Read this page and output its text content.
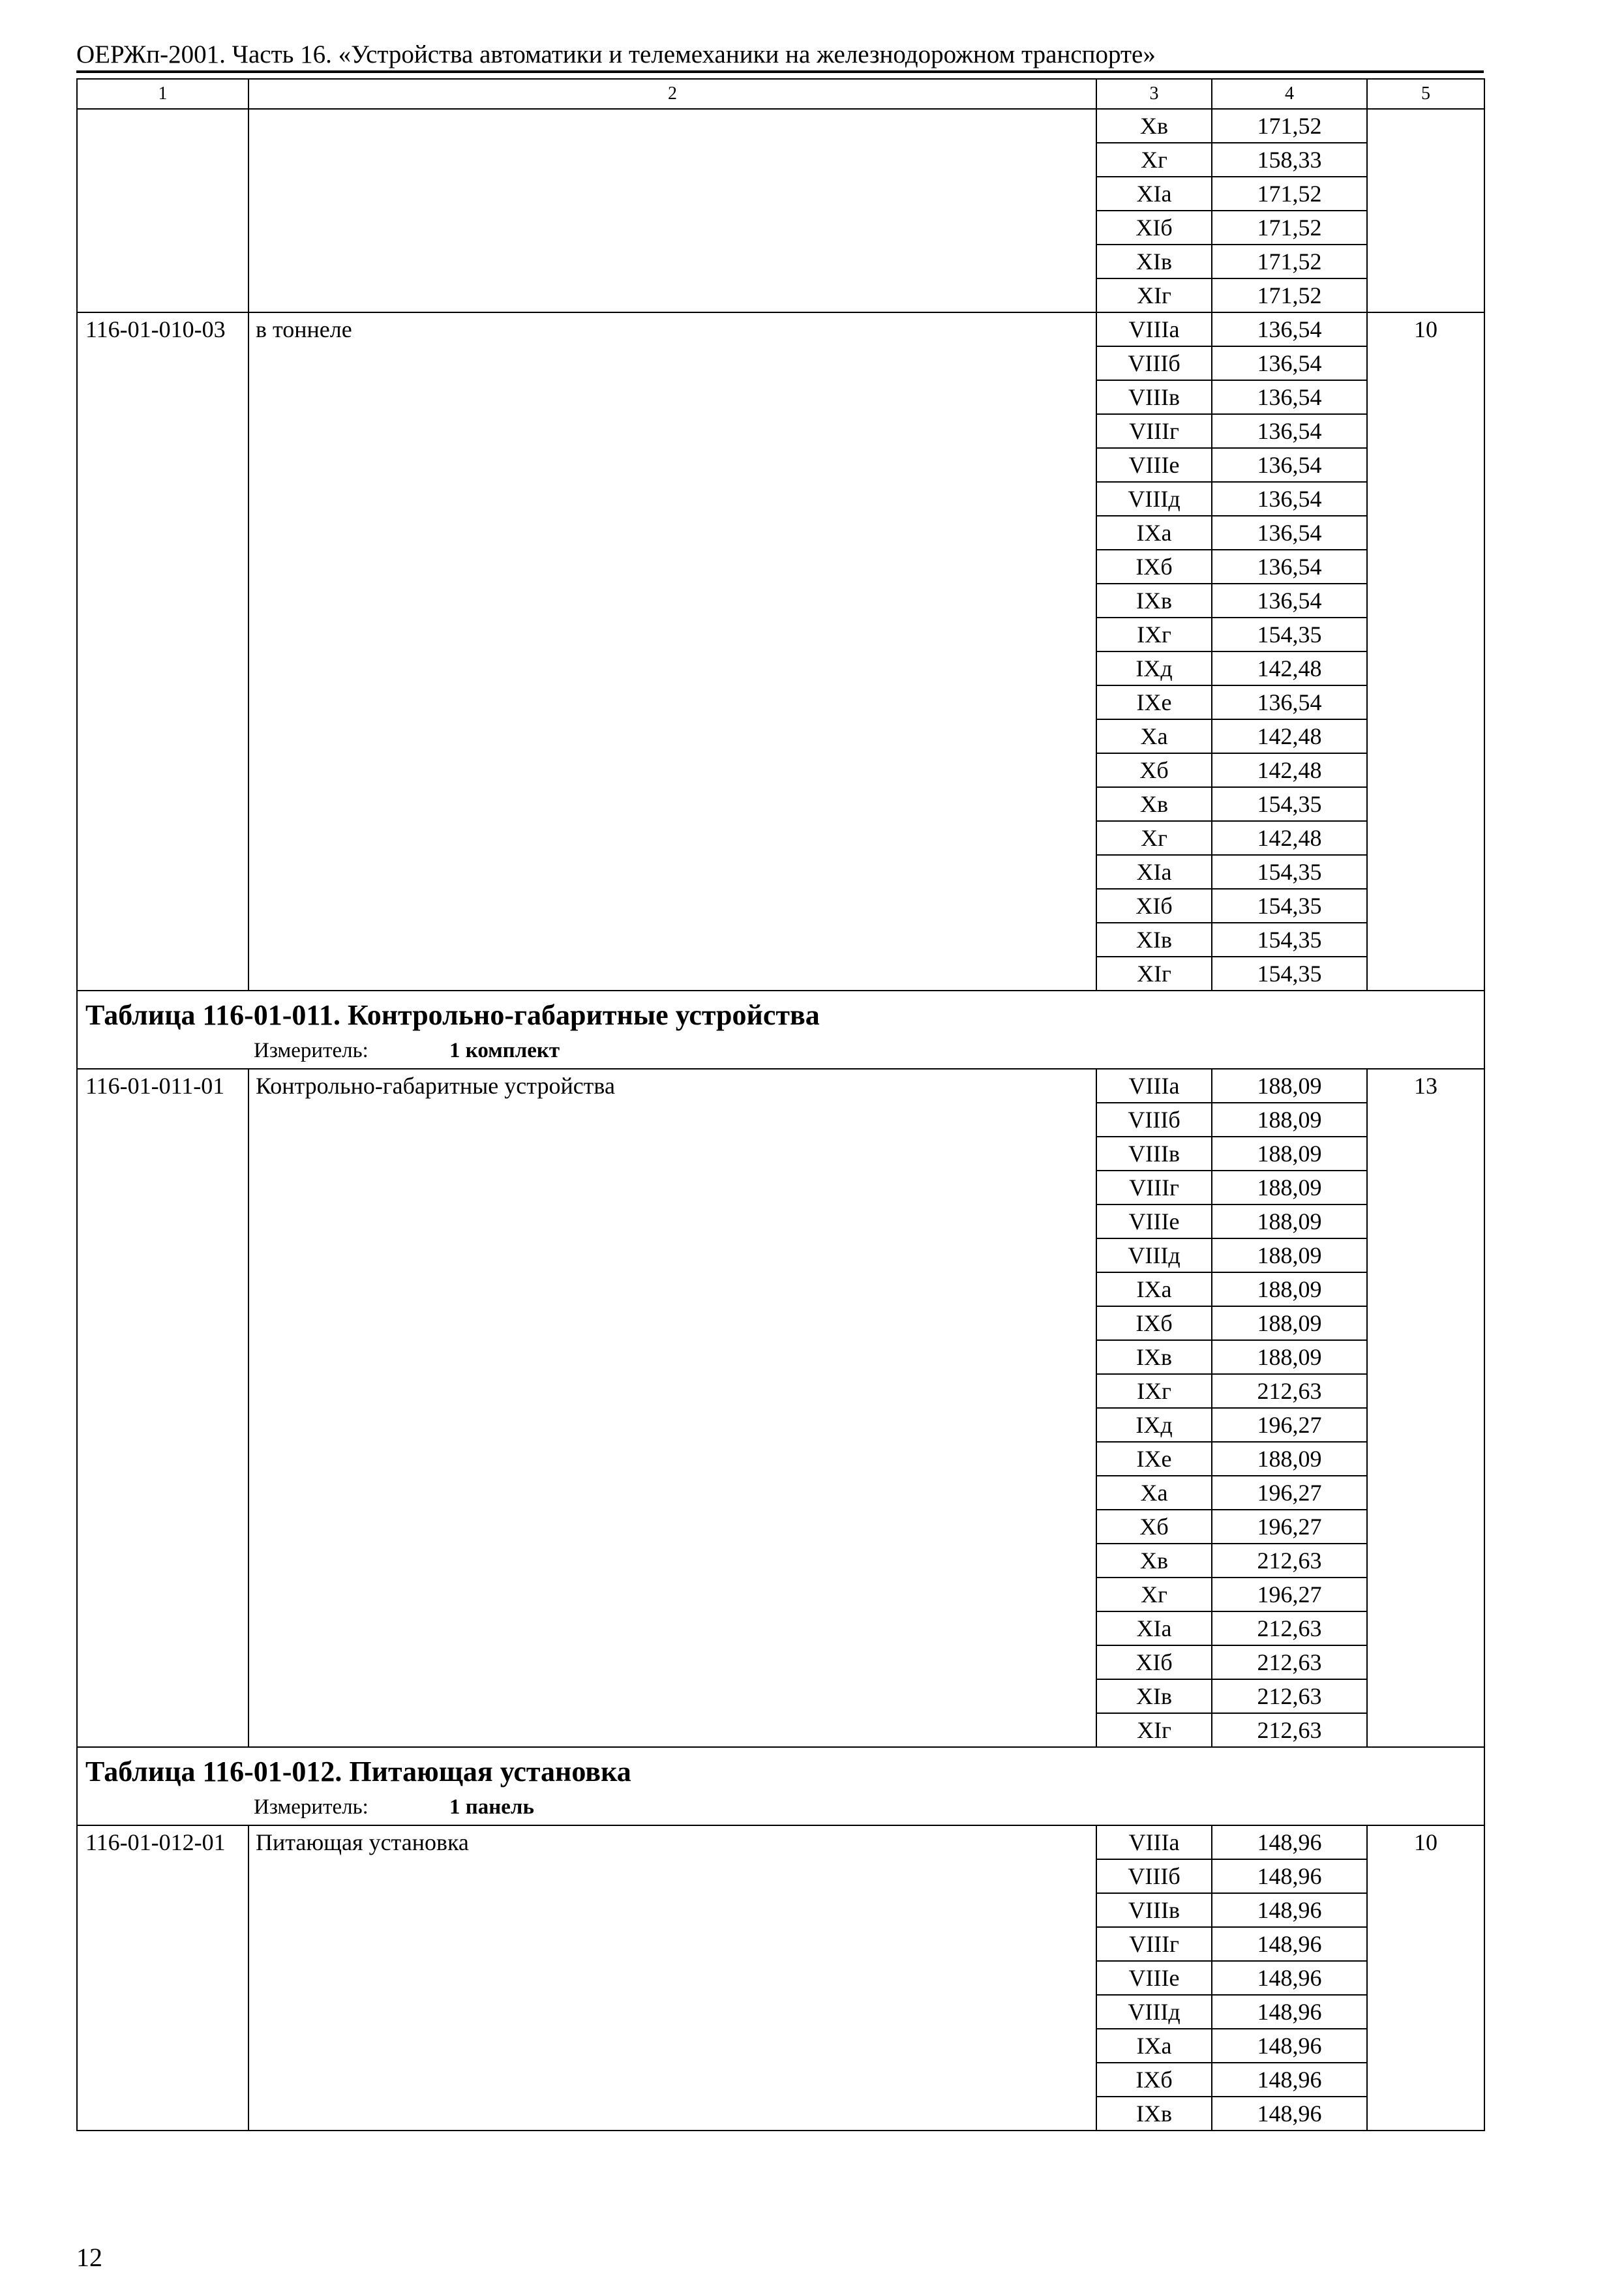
ОЕРЖп-2001. Часть 16. «Устройства автоматики и телемеханики на железнодорожном транспорте»
1	2	3	4	5
		Xв	171,52	
		Xг	158,33	
		XIа	171,52	
		XIб	171,52	
		XIв	171,52	
		XIг	171,52	
116-01-010-03	в тоннеле	VIIIа	136,54	10
		VIIIб	136,54	
		VIIIв	136,54	
		VIIIг	136,54	
		VIIIе	136,54	
		VIIIд	136,54	
		IXа	136,54	
		IXб	136,54	
		IXв	136,54	
		IXг	154,35	
		IXд	142,48	
		IXе	136,54	
		Xа	142,48	
		Xб	142,48	
		Xв	154,35	
		Xг	142,48	
		XIа	154,35	
		XIб	154,35	
		XIв	154,35	
		XIг	154,35	

Таблица 116-01-011. Контрольно-габаритные устройства
Измеритель: 1 комплект				

116-01-011-01	Контрольно-габаритные устройства	VIIIа	188,09	13
		VIIIб	188,09	
		VIIIв	188,09	
		VIIIг	188,09	
		VIIIе	188,09	
		VIIIд	188,09	
		IXа	188,09	
		IXб	188,09	
		IXв	188,09	
		IXг	212,63	
		IXд	196,27	
		IXе	188,09	
		Xа	196,27	
		Xб	196,27	
		Xв	212,63	
		Xг	196,27	
		XIа	212,63	
		XIб	212,63	
		XIв	212,63	
		XIг	212,63	

Таблица 116-01-012. Питающая установка
Измеритель: 1 панель				

116-01-012-01	Питающая установка	VIIIа	148,96	10
		VIIIб	148,96	
		VIIIв	148,96	
		VIIIг	148,96	
		VIIIе	148,96	
		VIIIд	148,96	
		IXа	148,96	
		IXб	148,96	
		IXв	148,96	
12
